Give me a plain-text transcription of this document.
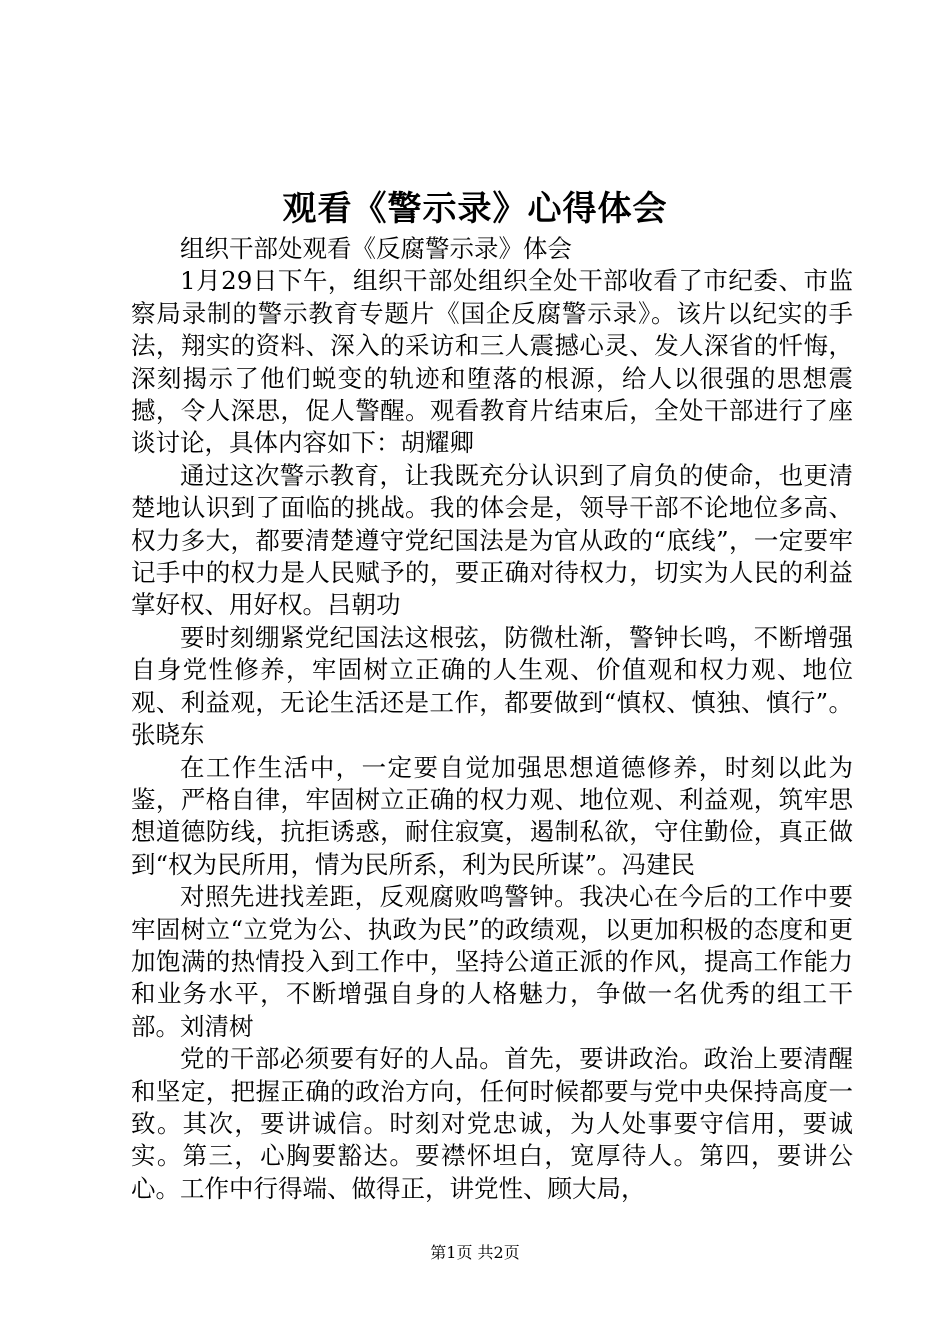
观看《警示录》心得体会

组织干部处观看《反腐警示录》体会

1月29日下午，组织干部处组织全处干部收看了市纪委、市监察局录制的警示教育专题片《国企反腐警示录》。该片以纪实的手法，翔实的资料、深入的采访和三人震撼心灵、发人深省的忏悔，深刻揭示了他们蜕变的轨迹和堕落的根源，给人以很强的思想震撼，令人深思，促人警醒。观看教育片结束后，全处干部进行了座谈讨论，具体内容如下：胡耀卿

通过这次警示教育，让我既充分认识到了肩负的使命，也更清楚地认识到了面临的挑战。我的体会是，领导干部不论地位多高、权力多大，都要清楚遵守党纪国法是为官从政的“底线”，一定要牢记手中的权力是人民赋予的，要正确对待权力，切实为人民的利益掌好权、用好权。吕朝功

要时刻绷紧党纪国法这根弦，防微杜渐，警钟长鸣，不断增强自身党性修养，牢固树立正确的人生观、价值观和权力观、地位观、利益观，无论生活还是工作，都要做到“慎权、慎独、慎行”。张晓东

在工作生活中，一定要自觉加强思想道德修养，时刻以此为鉴，严格自律，牢固树立正确的权力观、地位观、利益观，筑牢思想道德防线，抗拒诱惑，耐住寂寞，遏制私欲，守住勤俭，真正做到“权为民所用，情为民所系，利为民所谋”。冯建民

对照先进找差距，反观腐败鸣警钟。我决心在今后的工作中要牢固树立“立党为公、执政为民”的政绩观，以更加积极的态度和更加饱满的热情投入到工作中，坚持公道正派的作风，提高工作能力和业务水平，不断增强自身的人格魅力，争做一名优秀的组工干部。刘清树

党的干部必须要有好的人品。首先，要讲政治。政治上要清醒和坚定，把握正确的政治方向，任何时候都要与党中央保持高度一致。其次，要讲诚信。时刻对党忠诚，为人处事要守信用，要诚实。第三，心胸要豁达。要襟怀坦白，宽厚待人。第四，要讲公心。工作中行得端、做得正，讲党性、顾大局，

第1页 共2页
